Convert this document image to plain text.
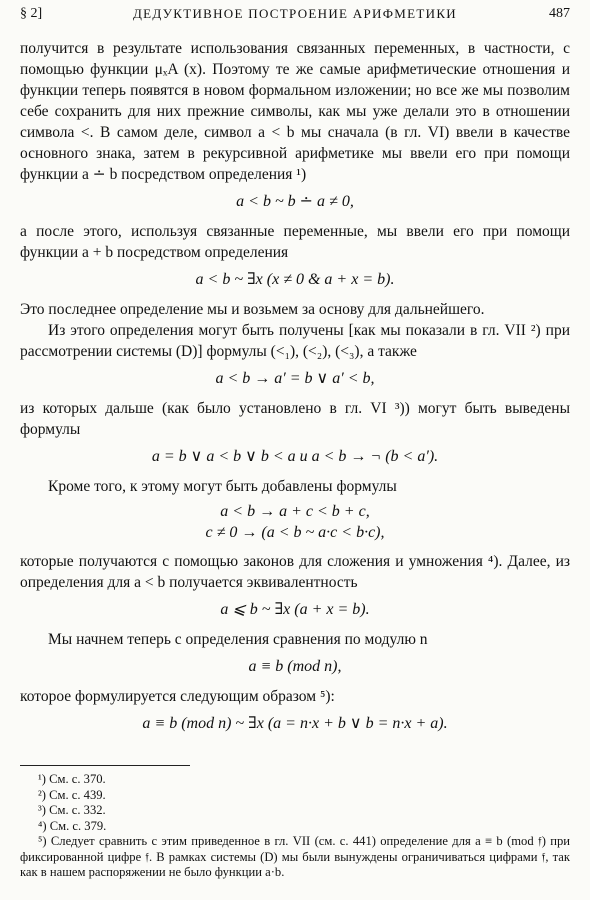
§ 2]	ДЕДУКТИВНОЕ ПОСТРОЕНИЕ АРИФМЕТИКИ	487

получится в результате использования связанных переменных, в частности, с помощью функции μₓA (x). Поэтому те же самые арифметические отношения и функции теперь появятся в новом формальном изложении; но все же мы позволим себе сохранить для них прежние символы, как мы уже делали это в отношении символа <. В самом деле, символ a < b мы сначала (в гл. VI) ввели в качестве основного знака, затем в рекурсивной арифметике мы ввели его при помощи функции a ∸ b посредством определения ¹)

a < b ~ b ∸ a ≠ 0,

а после этого, используя связанные переменные, мы ввели его при помощи функции a + b посредством определения

a < b ~ ∃x (x ≠ 0 & a + x = b).

Это последнее определение мы и возьмем за основу для дальнейшего.

Из этого определения могут быть получены [как мы показали в гл. VII ²) при рассмотрении системы (D)] формулы (<₁), (<₂), (<₃), а также

a < b → a′ = b ∨ a′ < b,

из которых дальше (как было установлено в гл. VI ³)) могут быть выведены формулы

a = b ∨ a < b ∨ b < a и a < b → ¬ (b < a′).

Кроме того, к этому могут быть добавлены формулы

a < b → a + c < b + c,
c ≠ 0 → (a < b ~ a·c < b·c),

которые получаются с помощью законов для сложения и умножения ⁴). Далее, из определения для a < b получается эквивалентность

a ⩽ b ~ ∃x (a + x = b).

Мы начнем теперь с определения сравнения по модулю n

a ≡ b (mod n),

которое формулируется следующим образом ⁵):

a ≡ b (mod n) ~ ∃x (a = n·x + b ∨ b = n·x + a).
¹) См. с. 370.
²) См. с. 439.
³) См. с. 332.
⁴) См. с. 379.
⁵) Следует сравнить с этим приведенное в гл. VII (см. с. 441) определение для a ≡ b (mod 𝔣) при фиксированной цифре 𝔣. В рамках системы (D) мы были вынуждены ограничиваться цифрами 𝔣, так как в нашем распоряжении не было функции a·b.
